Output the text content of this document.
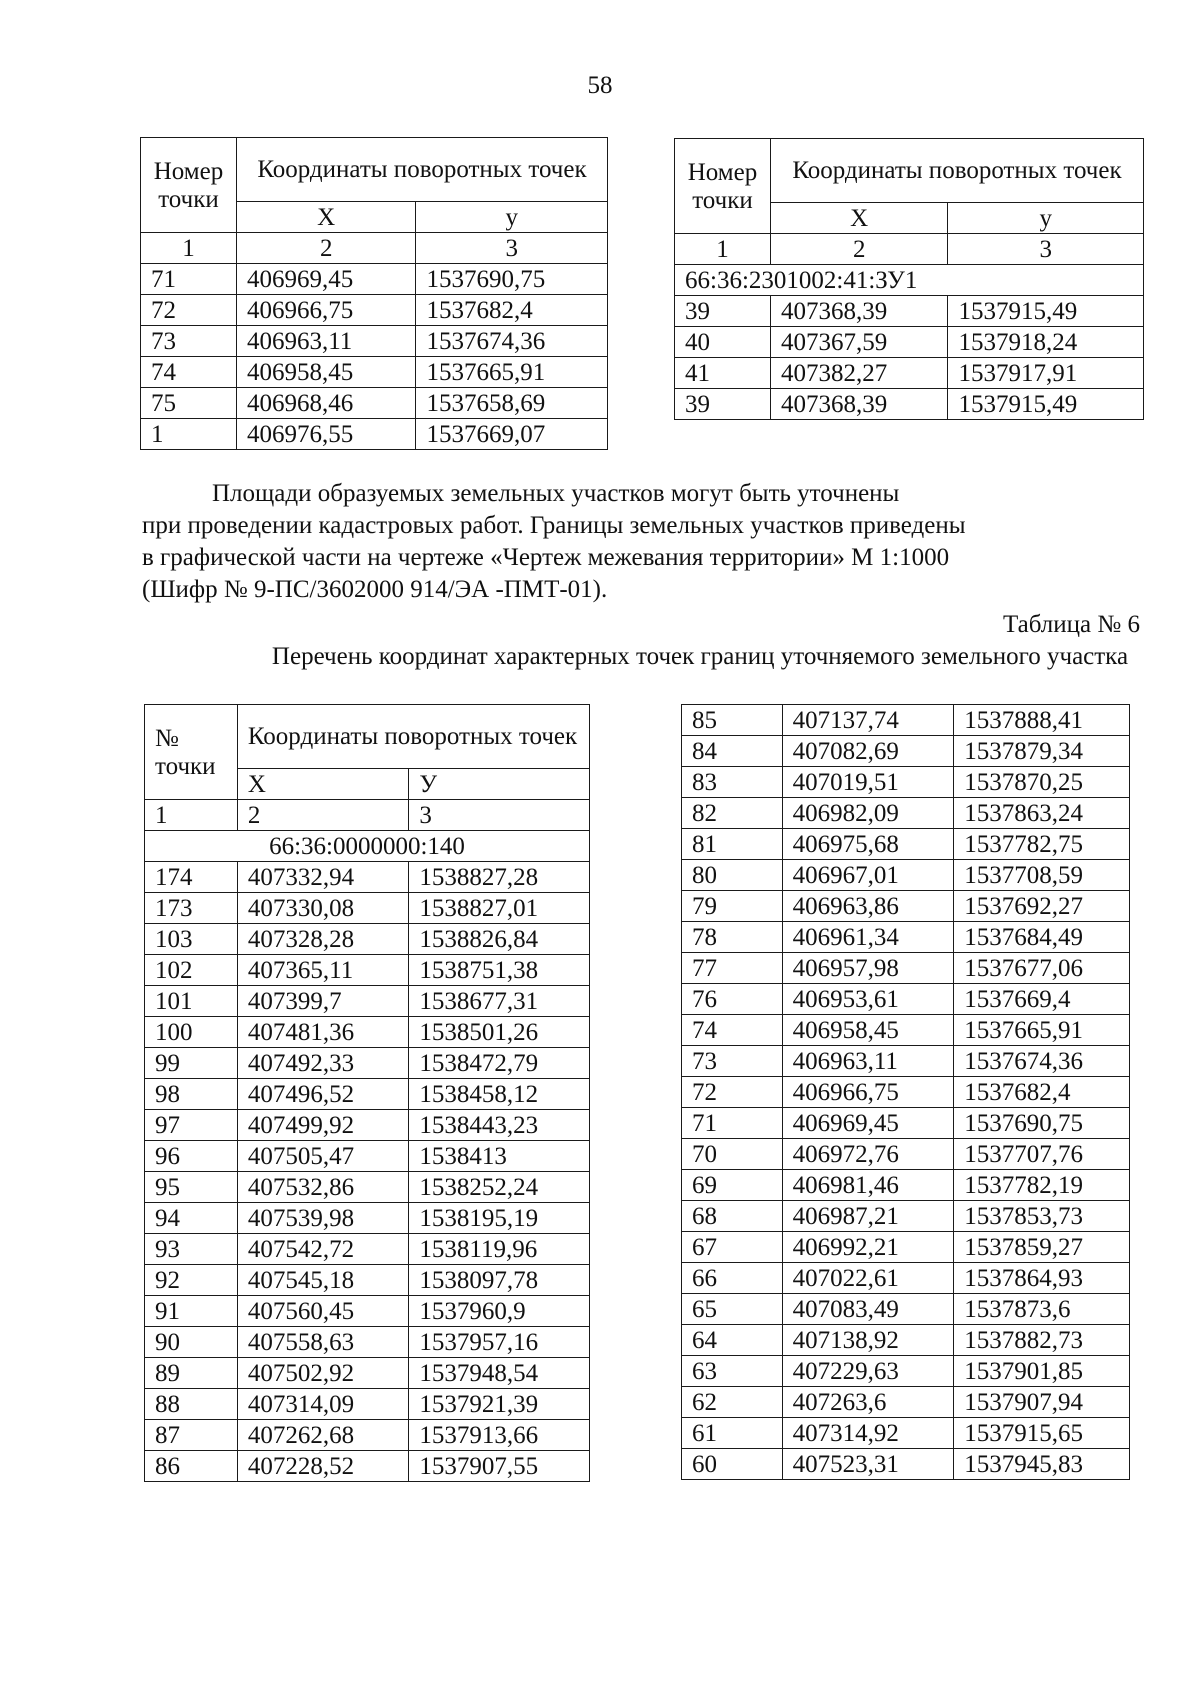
58
Номер точки	Координаты поворотных точек	
	Х	у
1	2	3
71	406969,45	1537690,75
72	406966,75	1537682,4
73	406963,11	1537674,36
74	406958,45	1537665,91
75	406968,46	1537658,69
1	406976,55	1537669,07
Номер точки	Координаты поворотных точек	
	Х	у
1	2	3
66:36:2301002:41:ЗУ1		
39	407368,39	1537915,49
40	407367,59	1537918,24
41	407382,27	1537917,91
39	407368,39	1537915,49
Площади образуемых земельных участков могут быть уточнены
при проведении кадастровых работ. Границы земельных участков приведены
в графической части на чертеже «Чертеж межевания территории» М 1:1000
(Шифр № 9-ПС/3602000 914/ЭА -ПМТ-01).
Таблица № 6
Перечень координат характерных точек границ уточняемого земельного участка
№ точки	Координаты поворотных точек	
	Х	У
1	2	3
66:36:0000000:140		
174	407332,94	1538827,28
173	407330,08	1538827,01
103	407328,28	1538826,84
102	407365,11	1538751,38
101	407399,7	1538677,31
100	407481,36	1538501,26
99	407492,33	1538472,79
98	407496,52	1538458,12
97	407499,92	1538443,23
96	407505,47	1538413
95	407532,86	1538252,24
94	407539,98	1538195,19
93	407542,72	1538119,96
92	407545,18	1538097,78
91	407560,45	1537960,9
90	407558,63	1537957,16
89	407502,92	1537948,54
88	407314,09	1537921,39
87	407262,68	1537913,66
86	407228,52	1537907,55
85	407137,74	1537888,41
84	407082,69	1537879,34
83	407019,51	1537870,25
82	406982,09	1537863,24
81	406975,68	1537782,75
80	406967,01	1537708,59
79	406963,86	1537692,27
78	406961,34	1537684,49
77	406957,98	1537677,06
76	406953,61	1537669,4
74	406958,45	1537665,91
73	406963,11	1537674,36
72	406966,75	1537682,4
71	406969,45	1537690,75
70	406972,76	1537707,76
69	406981,46	1537782,19
68	406987,21	1537853,73
67	406992,21	1537859,27
66	407022,61	1537864,93
65	407083,49	1537873,6
64	407138,92	1537882,73
63	407229,63	1537901,85
62	407263,6	1537907,94
61	407314,92	1537915,65
60	407523,31	1537945,83
